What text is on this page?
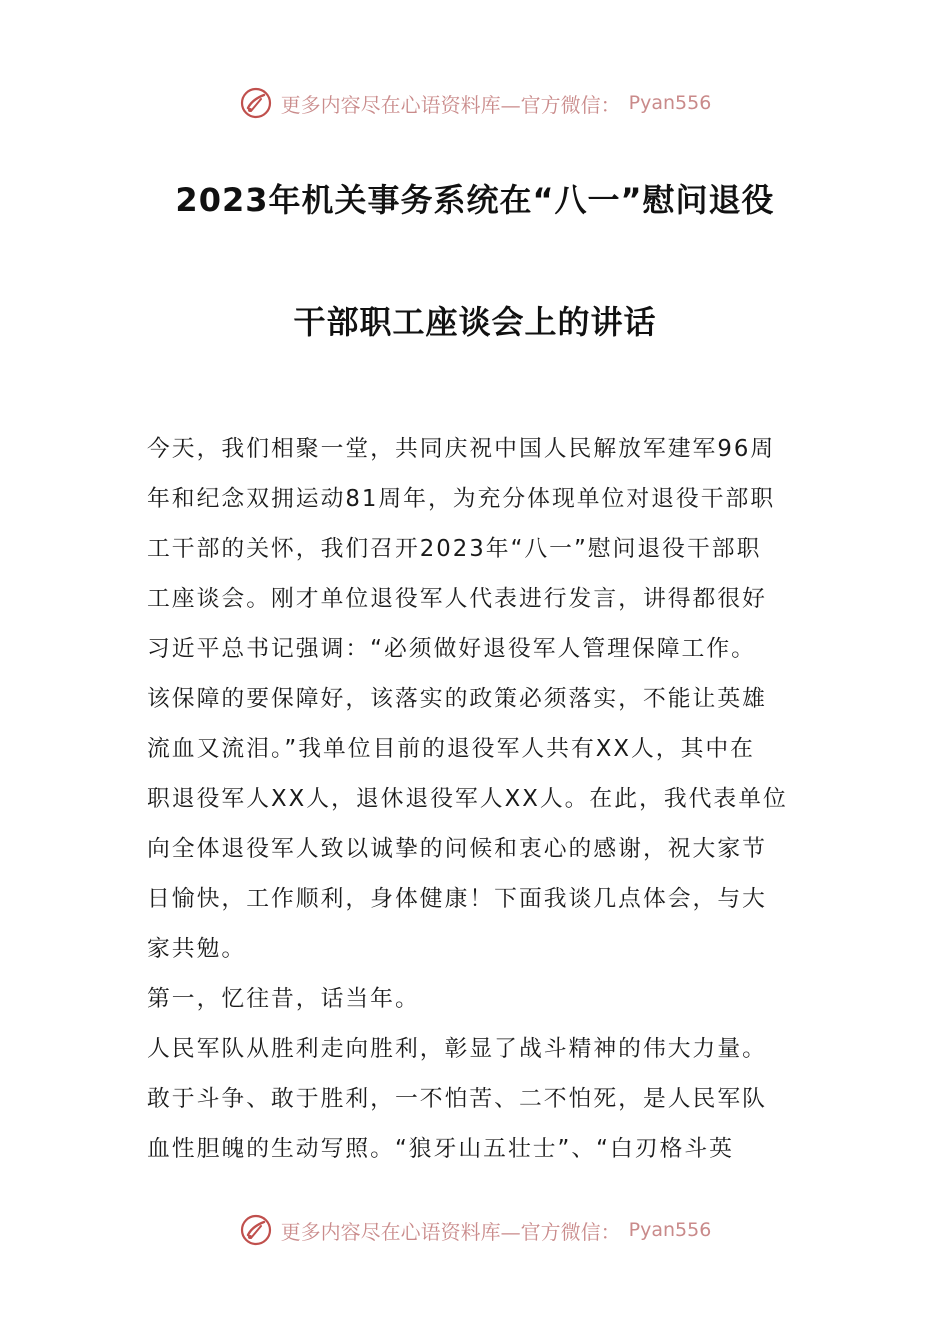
更多内容尽在心语资料库—官方微信： Pyan556
2023年机关事务系统在“八一”慰问退役
干部职工座谈会上的讲话
今天，我们相聚一堂，共同庆祝中国人民解放军建军96周
年和纪念双拥运动81周年，为充分体现单位对退役干部职
工干部的关怀，我们召开2023年“八一”慰问退役干部职
工座谈会。刚才单位退役军人代表进行发言，讲得都很好
习近平总书记强调：“必须做好退役军人管理保障工作。
该保障的要保障好，该落实的政策必须落实，不能让英雄
流血又流泪。”我单位目前的退役军人共有XX人，其中在
职退役军人XX人，退休退役军人XX人。在此，我代表单位
向全体退役军人致以诚挚的问候和衷心的感谢，祝大家节
日愉快，工作顺利，身体健康！下面我谈几点体会，与大
家共勉。
第一，忆往昔，话当年。
人民军队从胜利走向胜利，彰显了战斗精神的伟大力量。
敢于斗争、敢于胜利，一不怕苦、二不怕死，是人民军队
血性胆魄的生动写照。“狼牙山五壮士”、“白刃格斗英
更多内容尽在心语资料库—官方微信： Pyan556
